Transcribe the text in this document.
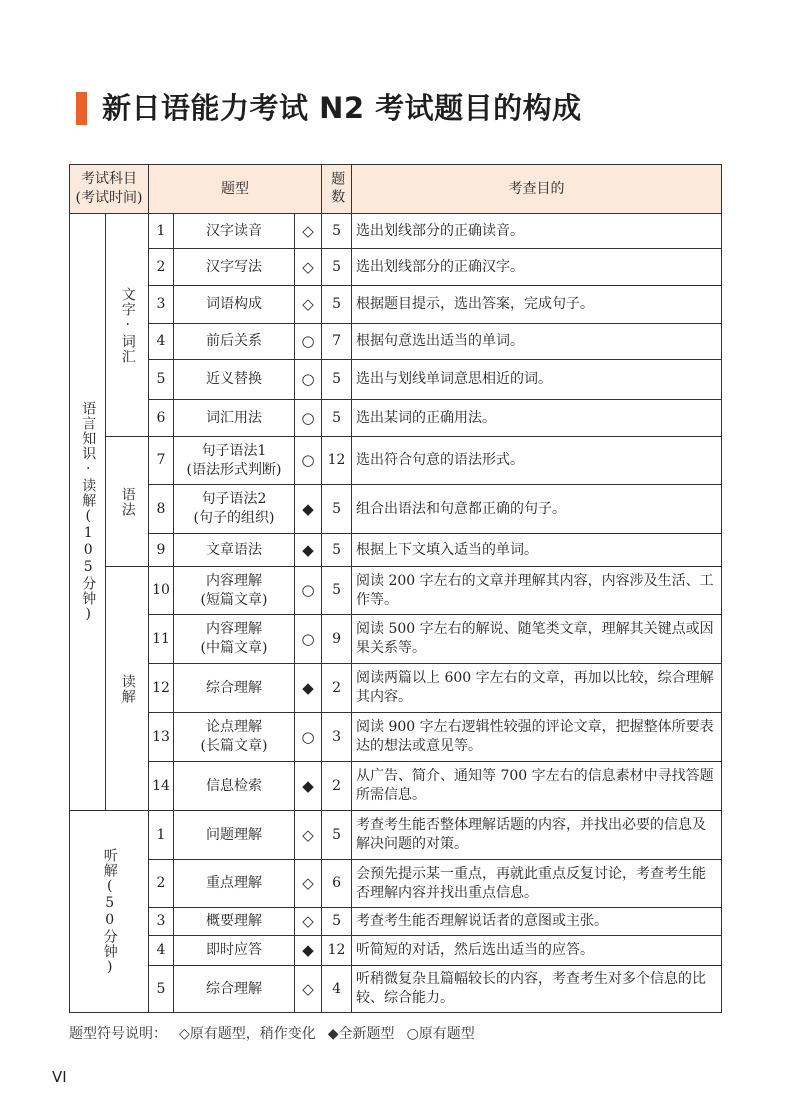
新日语能力考试 N2 考试题目的构成
考试科目
(考试时间)		题型			题数	考查目的

语言知识·读解(105分钟)	文字·词汇	1	汉字读音	◇	5	选出划线部分的正确读音。
		2	汉字写法	◇	5	选出划线部分的正确汉字。
		3	词语构成	◇	5	根据题目提示，选出答案，完成句子。
		4	前后关系	○	7	根据句意选出适当的单词。
		5	近义替换	○	5	选出与划线单词意思相近的词。
		6	词汇用法	○	5	选出某词的正确用法。

	语法	7	句子语法1
(语法形式判断)	○	12	选出符合句意的语法形式。
		8	句子语法2
(句子的组织)	◆	5	组合出语法和句意都正确的句子。
		9	文章语法	◆	5	根据上下文填入适当的单词。

	读解	10	内容理解
(短篇文章)	○	5	阅读 200 字左右的文章并理解其内容，内容涉及生活、工作等。
		11	内容理解
(中篇文章)	○	9	阅读 500 字左右的解说、随笔类文章，理解其关键点或因果关系等。
		12	综合理解	◆	2	阅读两篇以上 600 字左右的文章，再加以比较，综合理解其内容。
		13	论点理解
(长篇文章)	○	3	阅读 900 字左右逻辑性较强的评论文章，把握整体所要表达的想法或意见等。
		14	信息检索	◆	2	从广告、简介、通知等 700 字左右的信息素材中寻找答题所需信息。

听解(50分钟)		1	问题理解	◇	5	考查考生能否整体理解话题的内容，并找出必要的信息及解决问题的对策。
		2	重点理解	◇	6	会预先提示某一重点，再就此重点反复讨论，考查考生能否理解内容并找出重点信息。
		3	概要理解	◇	5	考查考生能否理解说话者的意图或主张。
		4	即时应答	◆	12	听简短的对话，然后选出适当的应答。
		5	综合理解	◇	4	听稍微复杂且篇幅较长的内容，考查考生对多个信息的比较、综合能力。
题型符号说明： ◇原有题型，稍作变化 ◆全新题型 ○原有题型
VI
